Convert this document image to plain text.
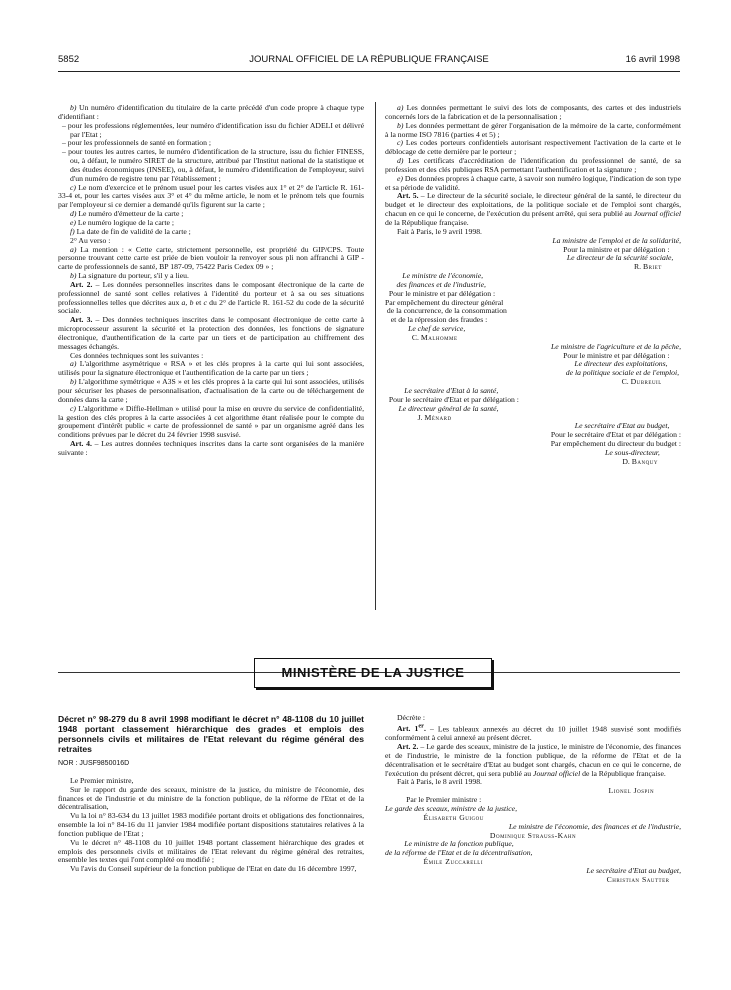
5852	JOURNAL OFFICIEL DE LA RÉPUBLIQUE FRANÇAISE	16 avril 1998

b) Un numéro d'identification du titulaire de la carte précédé d'un code propre à chaque type d'identifiant :

– pour les professions réglementées, leur numéro d'identification issu du fichier ADELI et délivré par l'Etat ;

– pour les professionnels de santé en formation ;

– pour toutes les autres cartes, le numéro d'identification de la structure, issu du fichier FINESS, ou, à défaut, le numéro SIRET de la structure, attribué par l'Institut national de la statistique et des études économiques (INSEE), ou, à défaut, le numéro d'identification de l'employeur, suivi d'un numéro de registre tenu par l'établissement ;

c) Le nom d'exercice et le prénom usuel pour les cartes visées aux 1° et 2° de l'article R. 161-33-4 et, pour les cartes visées aux 3° et 4° du même article, le nom et le prénom tels que fournis par l'employeur si ce dernier a demandé qu'ils figurent sur la carte ;

d) Le numéro d'émetteur de la carte ;

e) Le numéro logique de la carte ;

f) La date de fin de validité de la carte ;

2° Au verso :

a) La mention : « Cette carte, strictement personnelle, est propriété du GIP/CPS. Toute personne trouvant cette carte est priée de bien vouloir la renvoyer sous pli non affranchi à GIP - carte de professionnels de santé, BP 187-09, 75422 Paris Cedex 09 » ;

b) La signature du porteur, s'il y a lieu.

Art. 2. – Les données personnelles inscrites dans le composant électronique de la carte de professionnel de santé sont celles relatives à l'identité du porteur et à sa ou ses situations professionnelles telles que décrites aux a, b et c du 2° de l'article R. 161-52 du code de la sécurité sociale.

Art. 3. – Des données techniques inscrites dans le composant électronique de cette carte à microprocesseur assurent la sécurité et la protection des données, les fonctions de signature électronique, d'authentification de la carte par un tiers et de participation au chiffrement des messages échangés.

Ces données techniques sont les suivantes :

a) L'algorithme asymétrique « RSA » et les clés propres à la carte qui lui sont associées, utilisés pour la signature électronique et l'authentification de la carte par un tiers ;

b) L'algorithme symétrique « A3S » et les clés propres à la carte qui lui sont associées, utilisés pour sécuriser les phases de personnalisation, d'actualisation de la carte ou de téléchargement de données dans la carte ;

c) L'algorithme « Diffie-Hellman » utilisé pour la mise en œuvre du service de confidentialité, la gestion des clés propres à la carte associées à cet algorithme étant réalisée pour le compte du groupement d'intérêt public « carte de professionnel de santé » par un organisme agréé dans les conditions prévues par le décret du 24 février 1998 susvisé.

Art. 4. – Les autres données techniques inscrites dans la carte sont organisées de la manière suivante :

a) Les données permettant le suivi des lots de composants, des cartes et des industriels concernés lors de la fabrication et de la personnalisation ;

b) Les données permettant de gérer l'organisation de la mémoire de la carte, conformément à la norme ISO 7816 (parties 4 et 5) ;

c) Les codes porteurs confidentiels autorisant respectivement l'activation de la carte et le déblocage de cette dernière par le porteur ;

d) Les certificats d'accréditation de l'identification du professionnel de santé, de sa profession et des clés publiques RSA permettant l'authentification et la signature ;

e) Des données propres à chaque carte, à savoir son numéro logique, l'indication de son type et sa période de validité.

Art. 5. – Le directeur de la sécurité sociale, le directeur général de la santé, le directeur du budget et le directeur des exploitations, de la politique sociale et de l'emploi sont chargés, chacun en ce qui le concerne, de l'exécution du présent arrêté, qui sera publié au Journal officiel de la République française.

Fait à Paris, le 9 avril 1998.

La ministre de l'emploi et de la solidarité,

Pour la ministre et par délégation :

Le directeur de la sécurité sociale,

R. Briet

Le ministre de l'économie,

des finances et de l'industrie,

Pour le ministre et par délégation :

Par empêchement du directeur général

de la concurrence, de la consommation

et de la répression des fraudes :

Le chef de service,

C. Malhomme

Le ministre de l'agriculture et de la pêche,

Pour le ministre et par délégation :

Le directeur des exploitations,

de la politique sociale et de l'emploi,

C. Dubreuil

Le secrétaire d'Etat à la santé,

Pour le secrétaire d'Etat et par délégation :

Le directeur général de la santé,

J. Ménard

Le secrétaire d'Etat au budget,

Pour le secrétaire d'Etat et par délégation :

Par empêchement du directeur du budget :

Le sous-directeur,

D. Banquy

MINISTÈRE DE LA JUSTICE

Décret n° 98-279 du 8 avril 1998 modifiant le décret n° 48-1108 du 10 juillet 1948 portant classement hiérarchique des grades et emplois des personnels civils et militaires de l'Etat relevant du régime général des retraites

NOR : JUSF9850016D

Le Premier ministre,

Sur le rapport du garde des sceaux, ministre de la justice, du ministre de l'économie, des finances et de l'industrie et du ministre de la fonction publique, de la réforme de l'Etat et de la décentralisation,

Vu la loi n° 83-634 du 13 juillet 1983 modifiée portant droits et obligations des fonctionnaires, ensemble la loi n° 84-16 du 11 janvier 1984 modifiée portant dispositions statutaires relatives à la fonction publique de l'Etat ;

Vu le décret n° 48-1108 du 10 juillet 1948 portant classement hiérarchique des grades et emplois des personnels civils et militaires de l'Etat relevant du régime général des retraites, ensemble les textes qui l'ont complété ou modifié ;

Vu l'avis du Conseil supérieur de la fonction publique de l'Etat en date du 16 décembre 1997,

Décrète :

Art. 1er. – Les tableaux annexés au décret du 10 juillet 1948 susvisé sont modifiés conformément à celui annexé au présent décret.

Art. 2. – Le garde des sceaux, ministre de la justice, le ministre de l'économie, des finances et de l'industrie, le ministre de la fonction publique, de la réforme de l'Etat et de la décentralisation et le secrétaire d'Etat au budget sont chargés, chacun en ce qui le concerne, de l'exécution du présent décret, qui sera publié au Journal officiel de la République française.

Fait à Paris, le 8 avril 1998.

Lionel Jospin

Par le Premier ministre :

Le garde des sceaux, ministre de la justice,

Élisabeth Guigou

Le ministre de l'économie, des finances et de l'industrie,

Dominique Strauss-Kahn

Le ministre de la fonction publique,

de la réforme de l'Etat et de la décentralisation,

Émile Zuccarelli

Le secrétaire d'Etat au budget,

Christian Sautter
